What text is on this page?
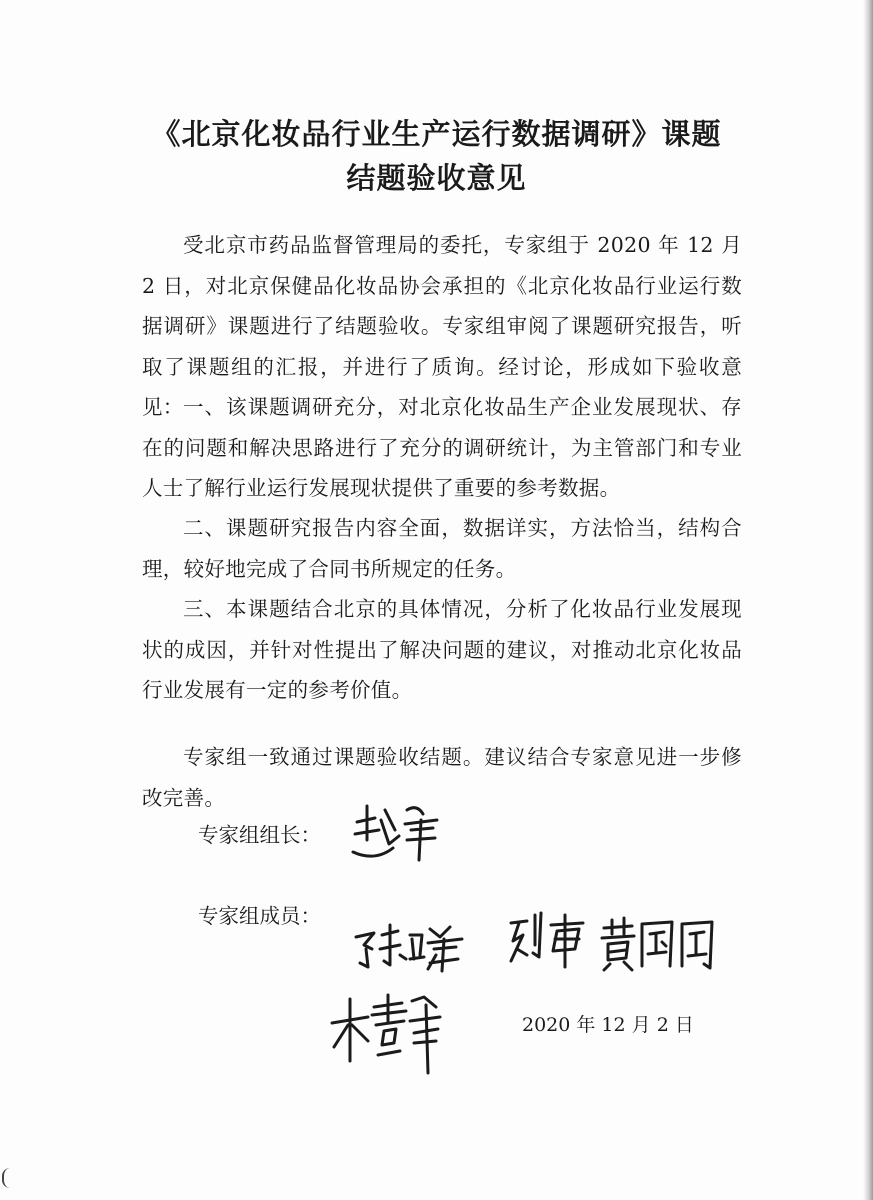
《北京化妆品行业生产运行数据调研》课题
结题验收意见

受北京市药品监督管理局的委托，专家组于 2020 年 12 月 2 日，对北京保健品化妆品协会承担的《北京化妆品行业运行数据调研》课题进行了结题验收。专家组审阅了课题研究报告，听取了课题组的汇报，并进行了质询。经讨论，形成如下验收意见： 一、该课题调研充分，对北京化妆品生产企业发展现状、存在的问题和解决思路进行了充分的调研统计，为主管部门和专业人士了解行业运行发展现状提供了重要的参考数据。

二、课题研究报告内容全面，数据详实，方法恰当，结构合理，较好地完成了合同书所规定的任务。

三、本课题结合北京的具体情况，分析了化妆品行业发展现状的成因，并针对性提出了解决问题的建议，对推动北京化妆品行业发展有一定的参考价值。

专家组一致通过课题验收结题。建议结合专家意见进一步修改完善。

专家组组长：

专家组成员：

2020 年 12 月 2 日
